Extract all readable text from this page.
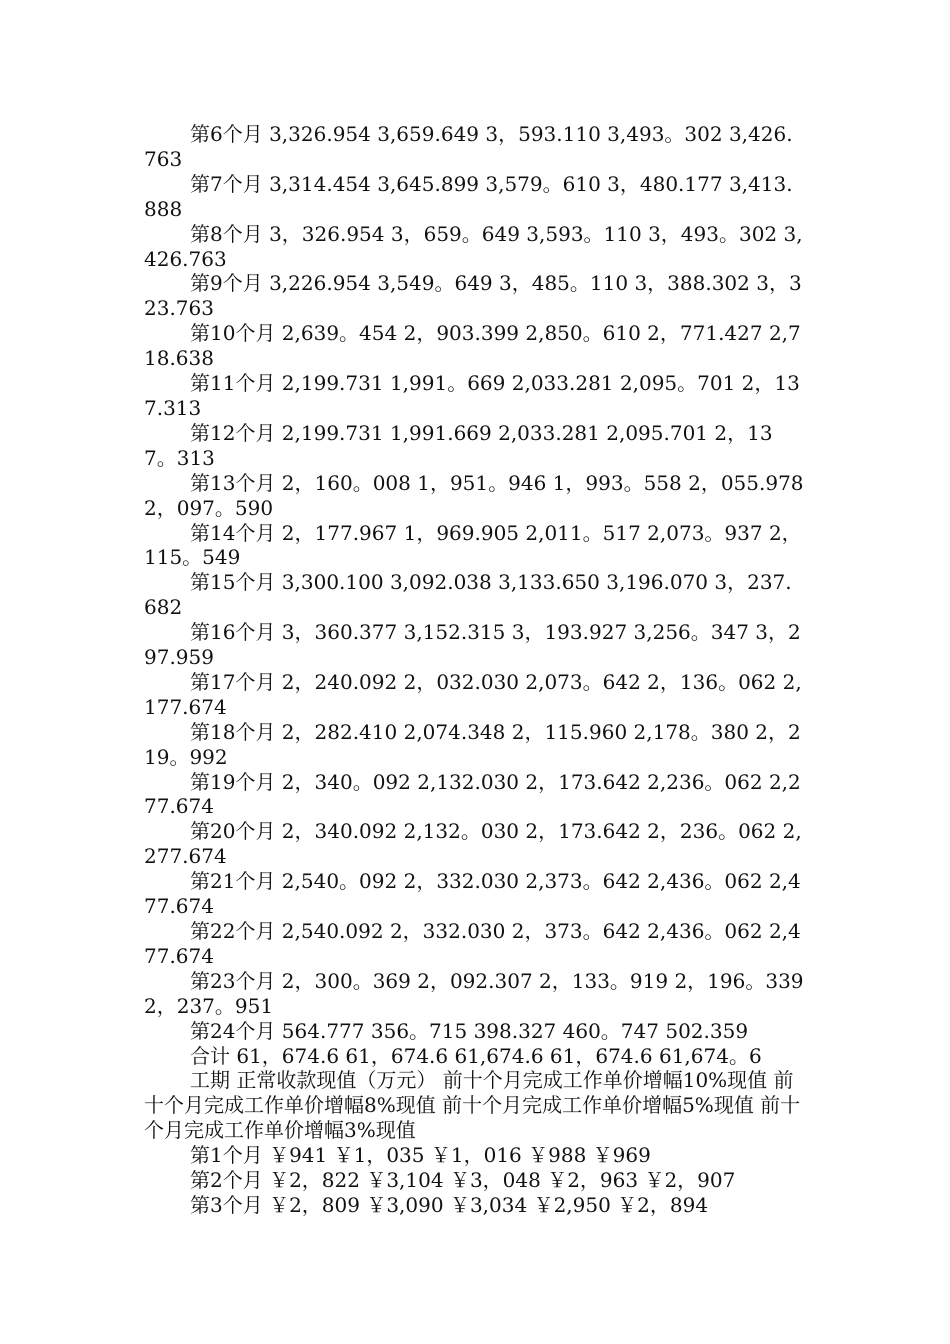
第6个月 3,326.954 3,659.649 3，593.110 3,493。302 3,426.763

第7个月 3,314.454 3,645.899 3,579。610 3，480.177 3,413.888

第8个月 3，326.954 3，659。649 3,593。110 3，493。302 3,426.763

第9个月 3,226.954 3,549。649 3，485。110 3，388.302 3，323.763

第10个月 2,639。454 2，903.399 2,850。610 2，771.427 2,718.638

第11个月 2,199.731 1,991。669 2,033.281 2,095。701 2，137.313

第12个月 2,199.731 1,991.669 2,033.281 2,095.701 2，137。313

第13个月 2，160。008 1，951。946 1，993。558 2，055.978 2，097。590

第14个月 2，177.967 1，969.905 2,011。517 2,073。937 2，115。549

第15个月 3,300.100 3,092.038 3,133.650 3,196.070 3，237.682

第16个月 3，360.377 3,152.315 3，193.927 3,256。347 3，297.959

第17个月 2，240.092 2，032.030 2,073。642 2，136。062 2,177.674

第18个月 2，282.410 2,074.348 2，115.960 2,178。380 2，219。992

第19个月 2，340。092 2,132.030 2，173.642 2,236。062 2,277.674

第20个月 2，340.092 2,132。030 2，173.642 2，236。062 2,277.674

第21个月 2,540。092 2，332.030 2,373。642 2,436。062 2,477.674

第22个月 2,540.092 2，332.030 2，373。642 2,436。062 2,477.674

第23个月 2，300。369 2，092.307 2，133。919 2，196。339 2，237。951

第24个月 564.777 356。715 398.327 460。747 502.359

合计 61，674.6 61，674.6 61,674.6 61，674.6 61,674。6

工期 正常收款现值（万元） 前十个月完成工作单价增幅10%现值 前十个月完成工作单价增幅8%现值 前十个月完成工作单价增幅5%现值 前十个月完成工作单价增幅3%现值

第1个月 ￥941 ￥1，035 ￥1，016 ￥988 ￥969

第2个月 ￥2，822 ￥3,104 ￥3，048 ￥2，963 ￥2，907

第3个月 ￥2，809 ￥3,090 ￥3,034 ￥2,950 ￥2，894
